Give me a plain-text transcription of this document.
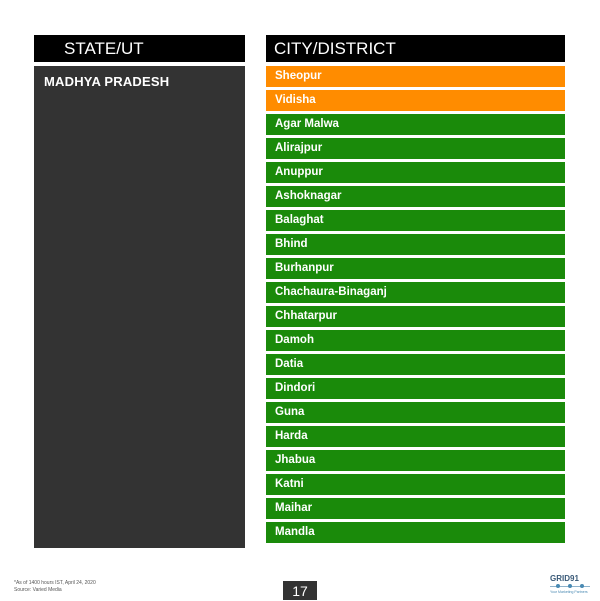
STATE/UT	CITY/DISTRICT
MADHYA PRADESH	Sheopur
Vidisha
Agar Malwa
Alirajpur
Anuppur
Ashoknagar
Balaghat
Bhind
Burhanpur
Chachaura-Binaganj
Chhatarpur
Damoh
Datia
Dindori
Guna
Harda
Jhabua
Katni
Maihar
Mandla
*As of 1400 hours IST, April 24, 2020
Source: Varied Media	17
GRID91
Your Marketing Partners
